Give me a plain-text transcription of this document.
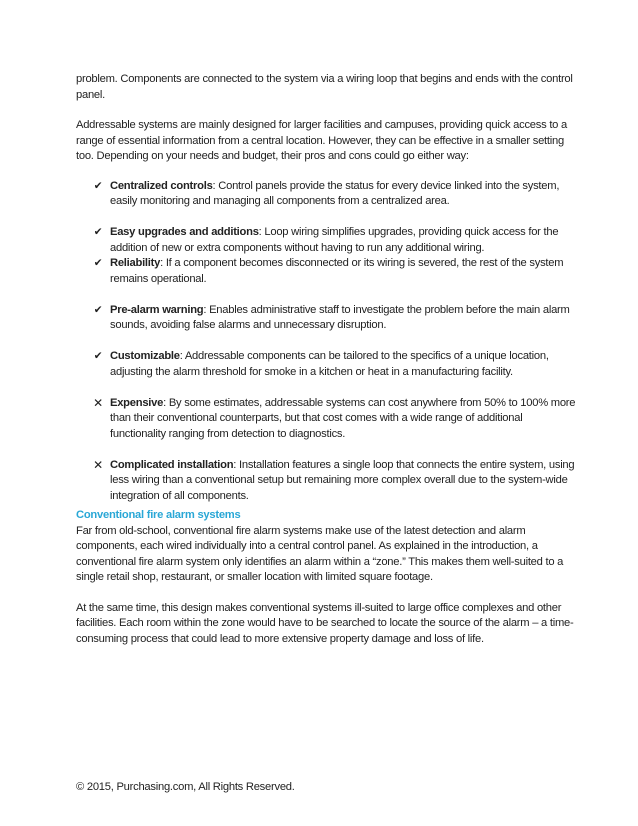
problem. Components are connected to the system via a wiring loop that begins and ends with the control panel.

Addressable systems are mainly designed for larger facilities and campuses, providing quick access to a range of essential information from a central location. However, they can be effective in a smaller setting too. Depending on your needs and budget, their pros and cons could go either way:

✔ Centralized controls: Control panels provide the status for every device linked into the system, easily monitoring and managing all components from a centralized area.
✔ Easy upgrades and additions: Loop wiring simplifies upgrades, providing quick access for the addition of new or extra components without having to run any additional wiring.
✔ Reliability: If a component becomes disconnected or its wiring is severed, the rest of the system remains operational.
✔ Pre-alarm warning: Enables administrative staff to investigate the problem before the main alarm sounds, avoiding false alarms and unnecessary disruption.
✔ Customizable: Addressable components can be tailored to the specifics of a unique location, adjusting the alarm threshold for smoke in a kitchen or heat in a manufacturing facility.
✕ Expensive: By some estimates, addressable systems can cost anywhere from 50% to 100% more than their conventional counterparts, but that cost comes with a wide range of additional functionality ranging from detection to diagnostics.
✕ Complicated installation: Installation features a single loop that connects the entire system, using less wiring than a conventional setup but remaining more complex overall due to the system-wide integration of all components.

Conventional fire alarm systems

Far from old-school, conventional fire alarm systems make use of the latest detection and alarm components, each wired individually into a central control panel. As explained in the introduction, a conventional fire alarm system only identifies an alarm within a “zone.” This makes them well-suited to a single retail shop, restaurant, or smaller location with limited square footage.

At the same time, this design makes conventional systems ill-suited to large office complexes and other facilities. Each room within the zone would have to be searched to locate the source of the alarm – a time-consuming process that could lead to more extensive property damage and loss of life.

© 2015, Purchasing.com, All Rights Reserved.
